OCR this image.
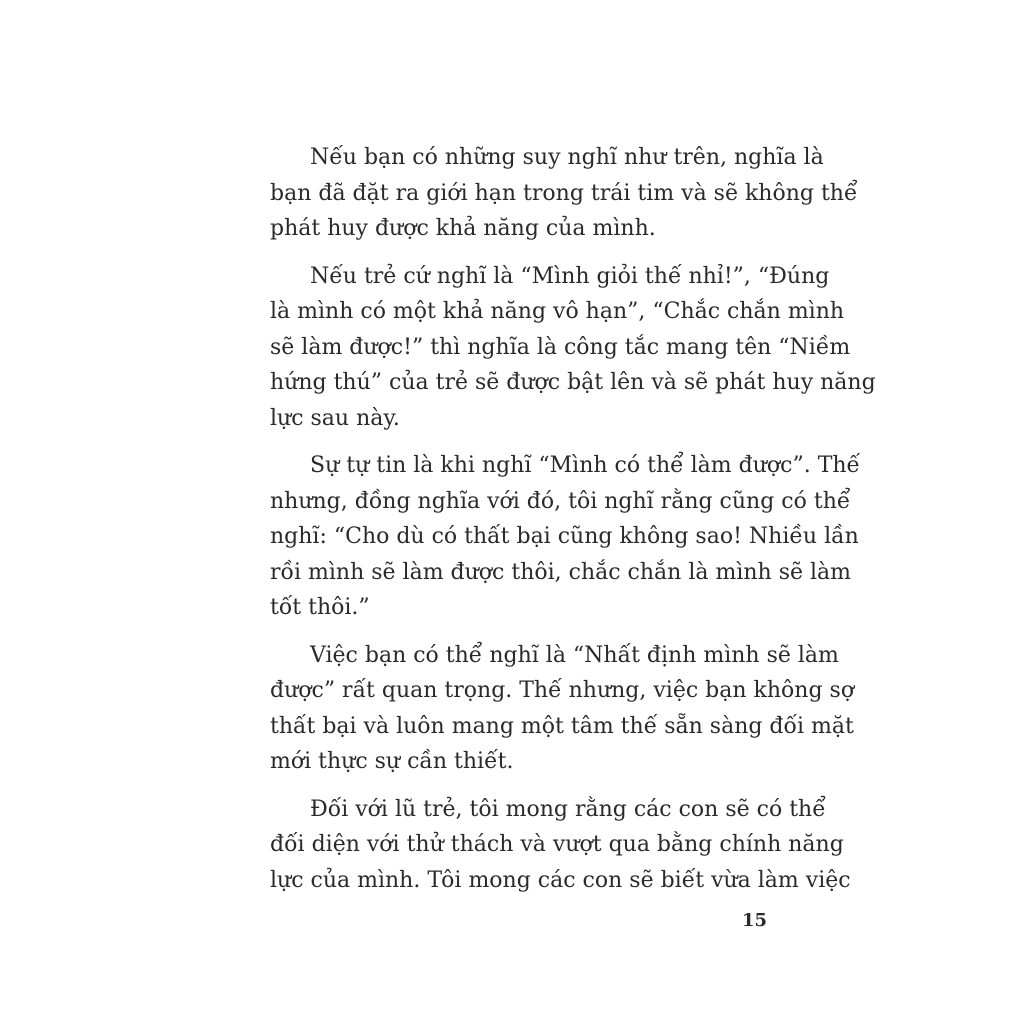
Nếu bạn có những suy nghĩ như trên, nghĩa là
bạn đã đặt ra giới hạn trong trái tim và sẽ không thể
phát huy được khả năng của mình.
Nếu trẻ cứ nghĩ là “Mình giỏi thế nhỉ!”, “Đúng
là mình có một khả năng vô hạn”, “Chắc chắn mình
sẽ làm được!” thì nghĩa là công tắc mang tên “Niềm
hứng thú” của trẻ sẽ được bật lên và sẽ phát huy năng
lực sau này.
Sự tự tin là khi nghĩ “Mình có thể làm được”. Thế
nhưng, đồng nghĩa với đó, tôi nghĩ rằng cũng có thể
nghĩ: “Cho dù có thất bại cũng không sao! Nhiều lần
rồi mình sẽ làm được thôi, chắc chắn là mình sẽ làm
tốt thôi.”
Việc bạn có thể nghĩ là “Nhất định mình sẽ làm
được” rất quan trọng. Thế nhưng, việc bạn không sợ
thất bại và luôn mang một tâm thế sẵn sàng đối mặt
mới thực sự cần thiết.
Đối với lũ trẻ, tôi mong rằng các con sẽ có thể
đối diện với thử thách và vượt qua bằng chính năng
lực của mình. Tôi mong các con sẽ biết vừa làm việc
15
